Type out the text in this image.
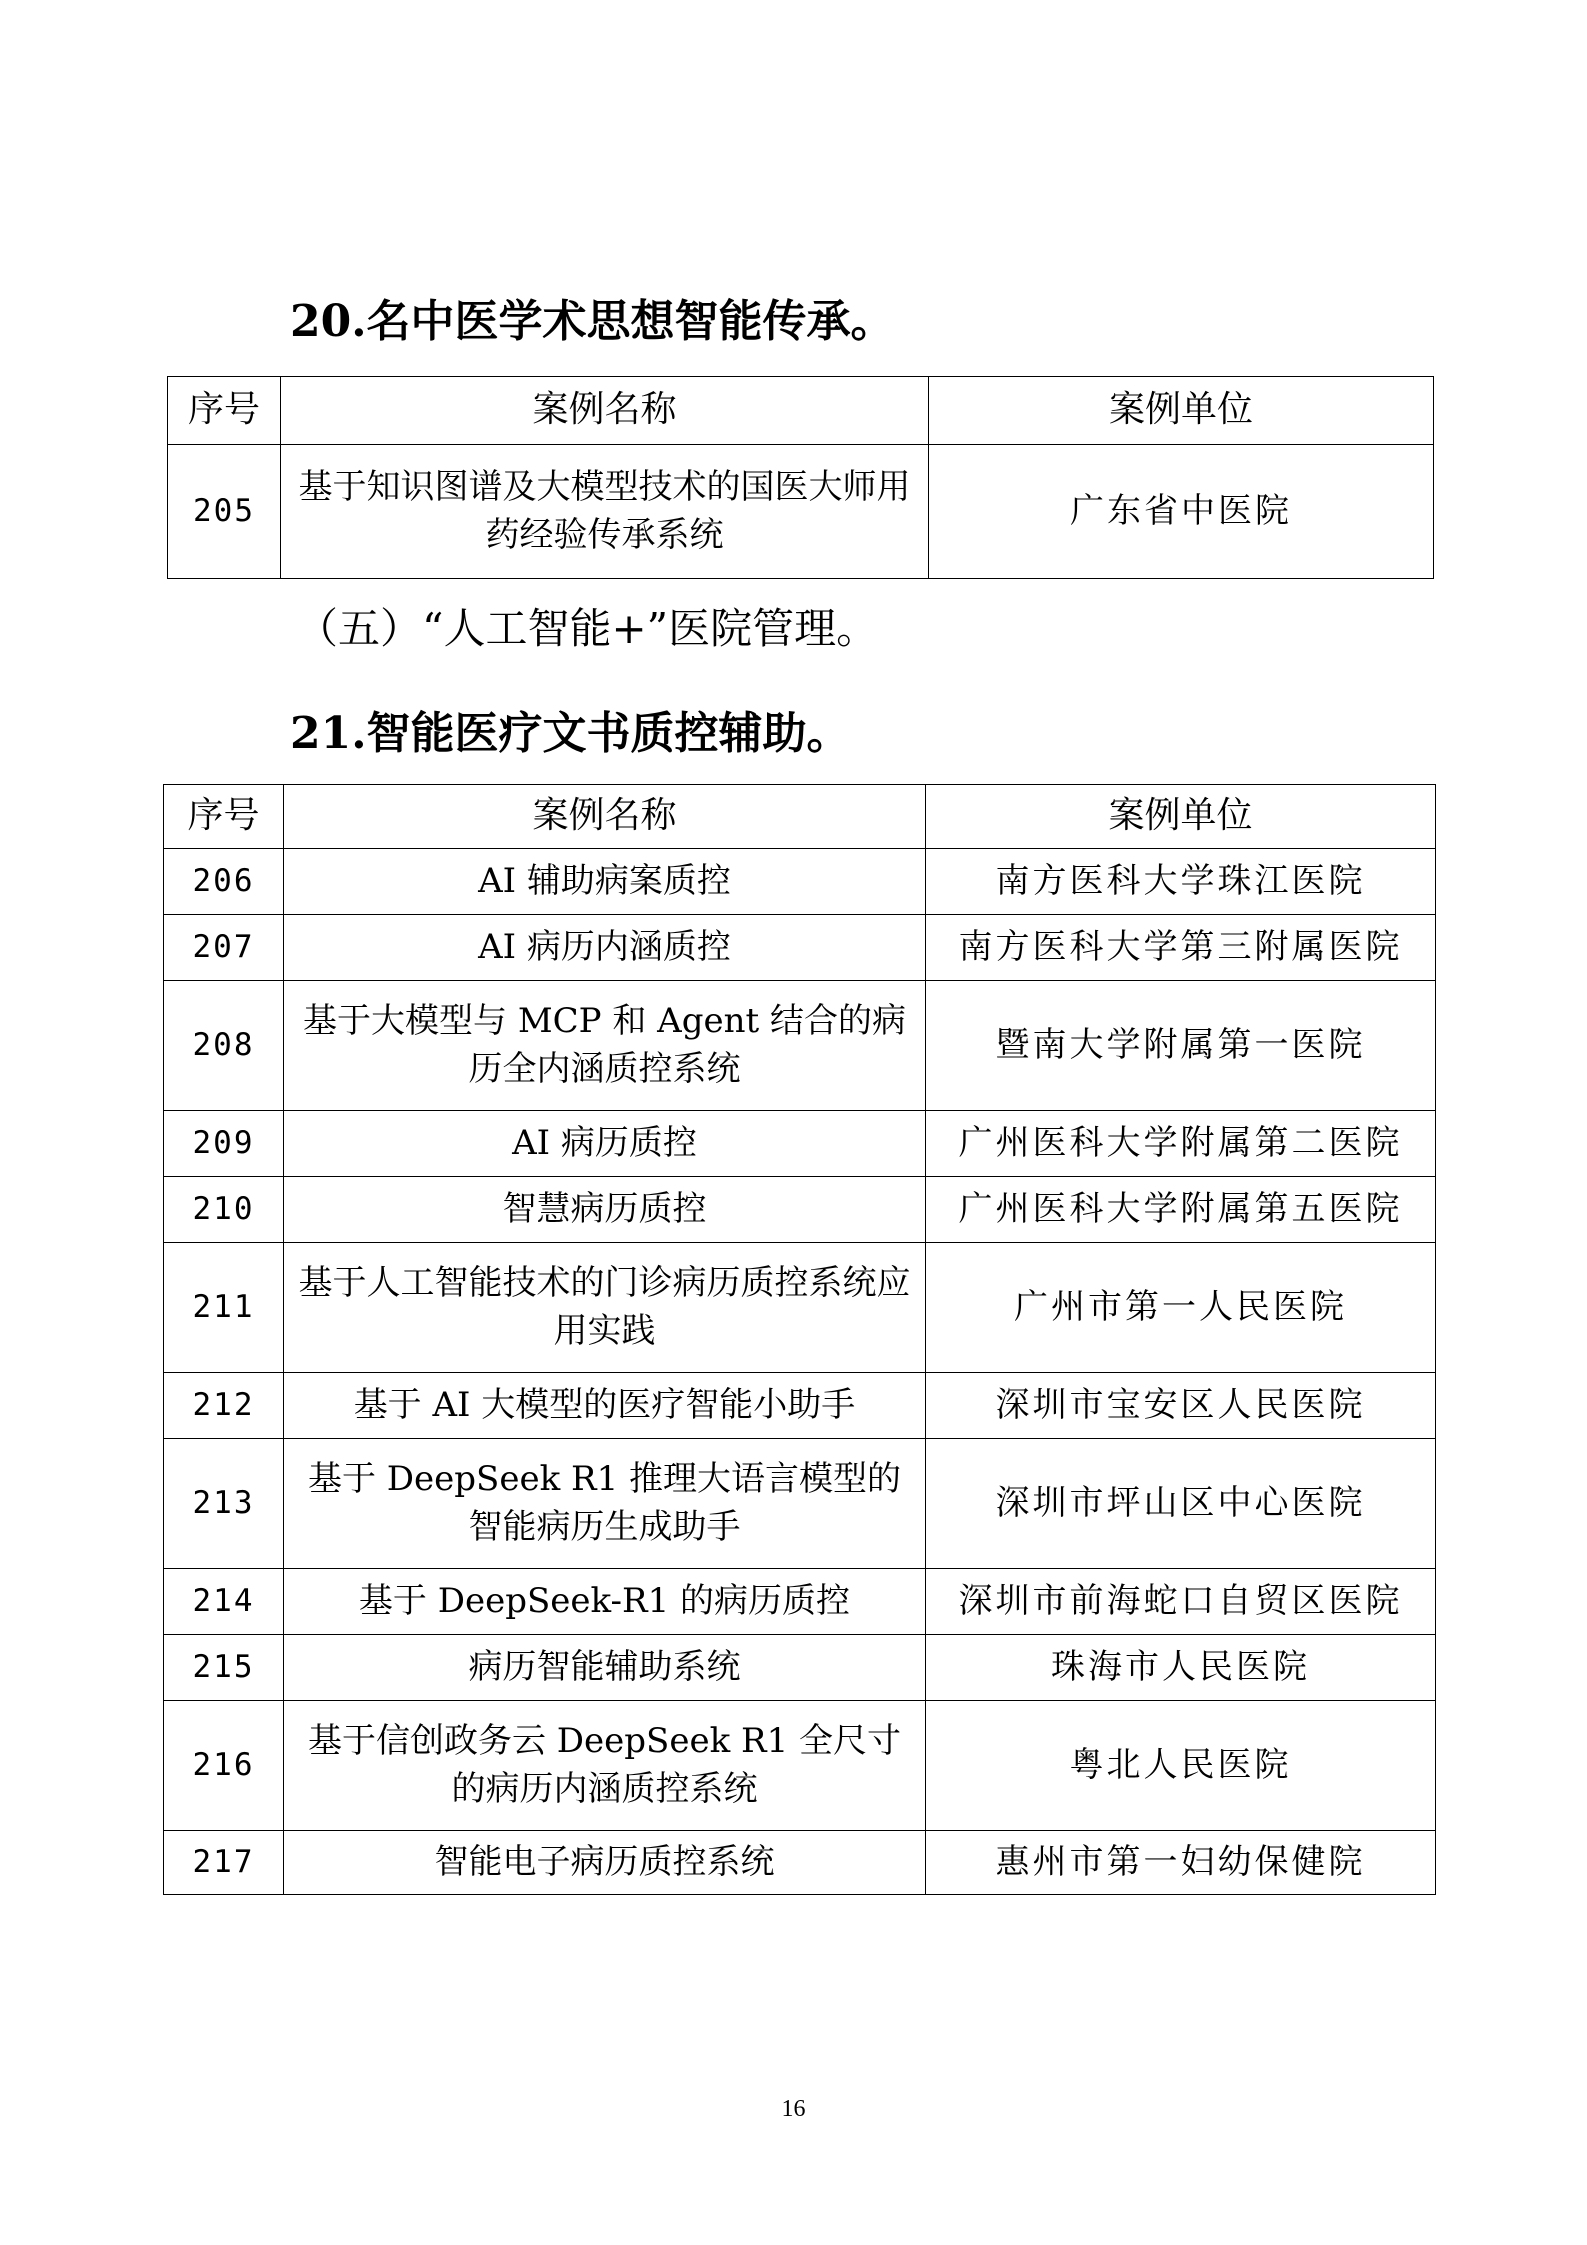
20.名中医学术思想智能传承。
序号	案例名称	案例单位
205	基于知识图谱及大模型技术的国医大师用药经验传承系统	广东省中医院
（五）“人工智能+”医院管理。
21.智能医疗文书质控辅助。
序号	案例名称	案例单位
206	AI 辅助病案质控	南方医科大学珠江医院
207	AI 病历内涵质控	南方医科大学第三附属医院
208	基于大模型与 MCP 和 Agent 结合的病历全内涵质控系统	暨南大学附属第一医院
209	AI 病历质控	广州医科大学附属第二医院
210	智慧病历质控	广州医科大学附属第五医院
211	基于人工智能技术的门诊病历质控系统应用实践	广州市第一人民医院
212	基于 AI 大模型的医疗智能小助手	深圳市宝安区人民医院
213	基于 DeepSeek R1 推理大语言模型的智能病历生成助手	深圳市坪山区中心医院
214	基于 DeepSeek-R1 的病历质控	深圳市前海蛇口自贸区医院
215	病历智能辅助系统	珠海市人民医院
216	基于信创政务云 DeepSeek R1 全尺寸的病历内涵质控系统	粤北人民医院
217	智能电子病历质控系统	惠州市第一妇幼保健院
16
